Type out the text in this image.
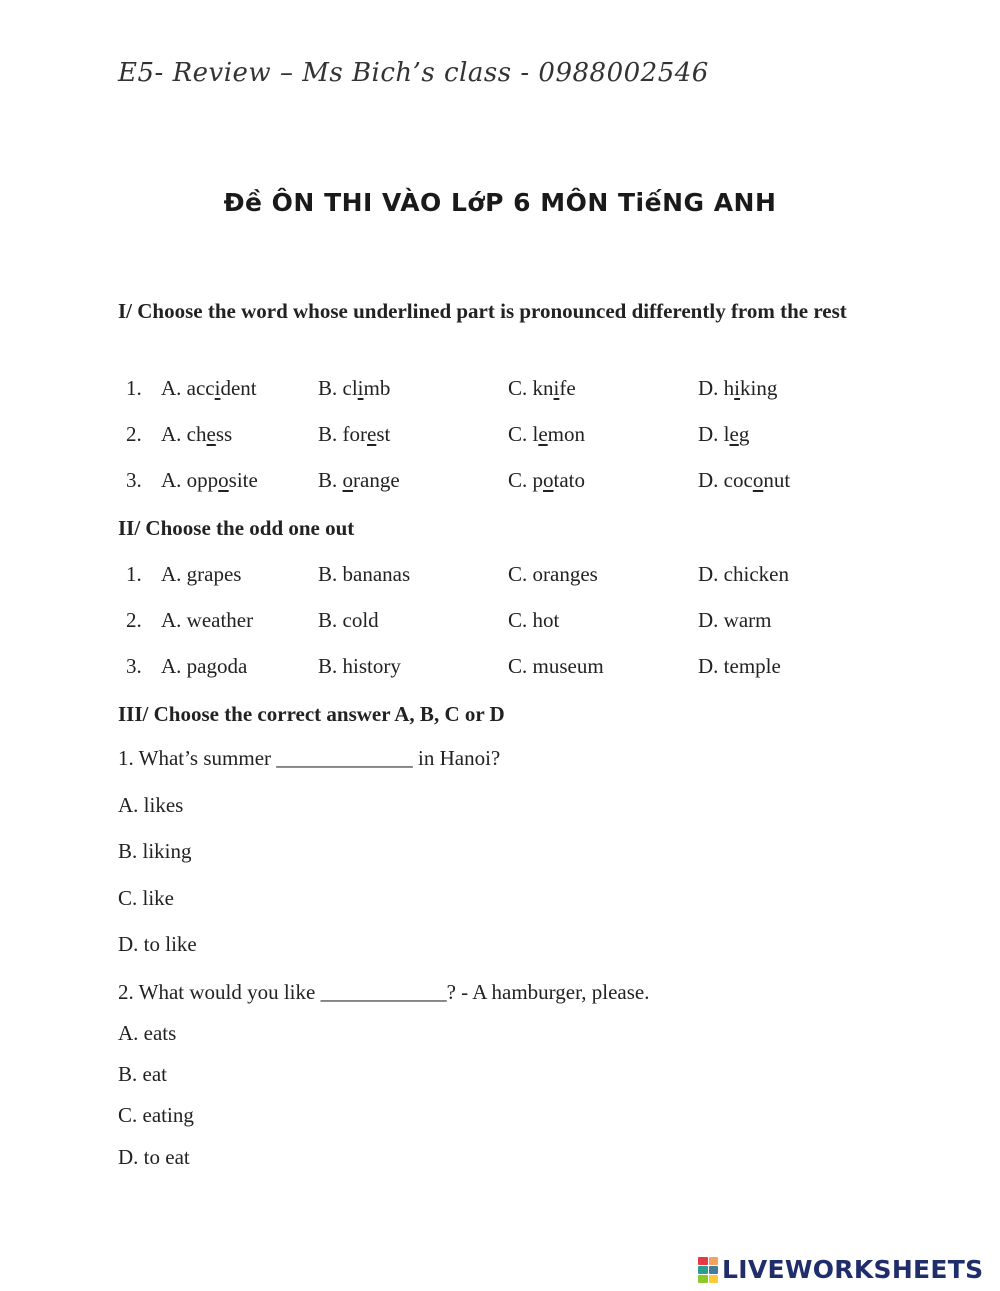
E5- Review – Ms Bich’s class - 0988002546
Đề ÔN THI VÀO LớP 6 MÔN TiếNG ANH
I/ Choose the word whose underlined part is pronounced differently from the rest
1. A. accident	B. climb	C. knife	D. hiking
2. A. chess	B. forest	C. lemon	D. leg
3. A. opposite	B. orange	C. potato	D. coconut
II/ Choose the odd one out
1. A. grapes	B. bananas	C. oranges	D. chicken
2. A. weather	B. cold	C. hot	D. warm
3. A. pagoda	B. history	C. museum	D. temple
III/ Choose the correct answer A, B, C or D
1. What’s summer _____________ in Hanoi?
A. likes
B. liking
C. like
D. to like
2. What would you like ____________? - A hamburger, please.
A. eats
B. eat
C. eating
D. to eat
LIVEWORKSHEETS
